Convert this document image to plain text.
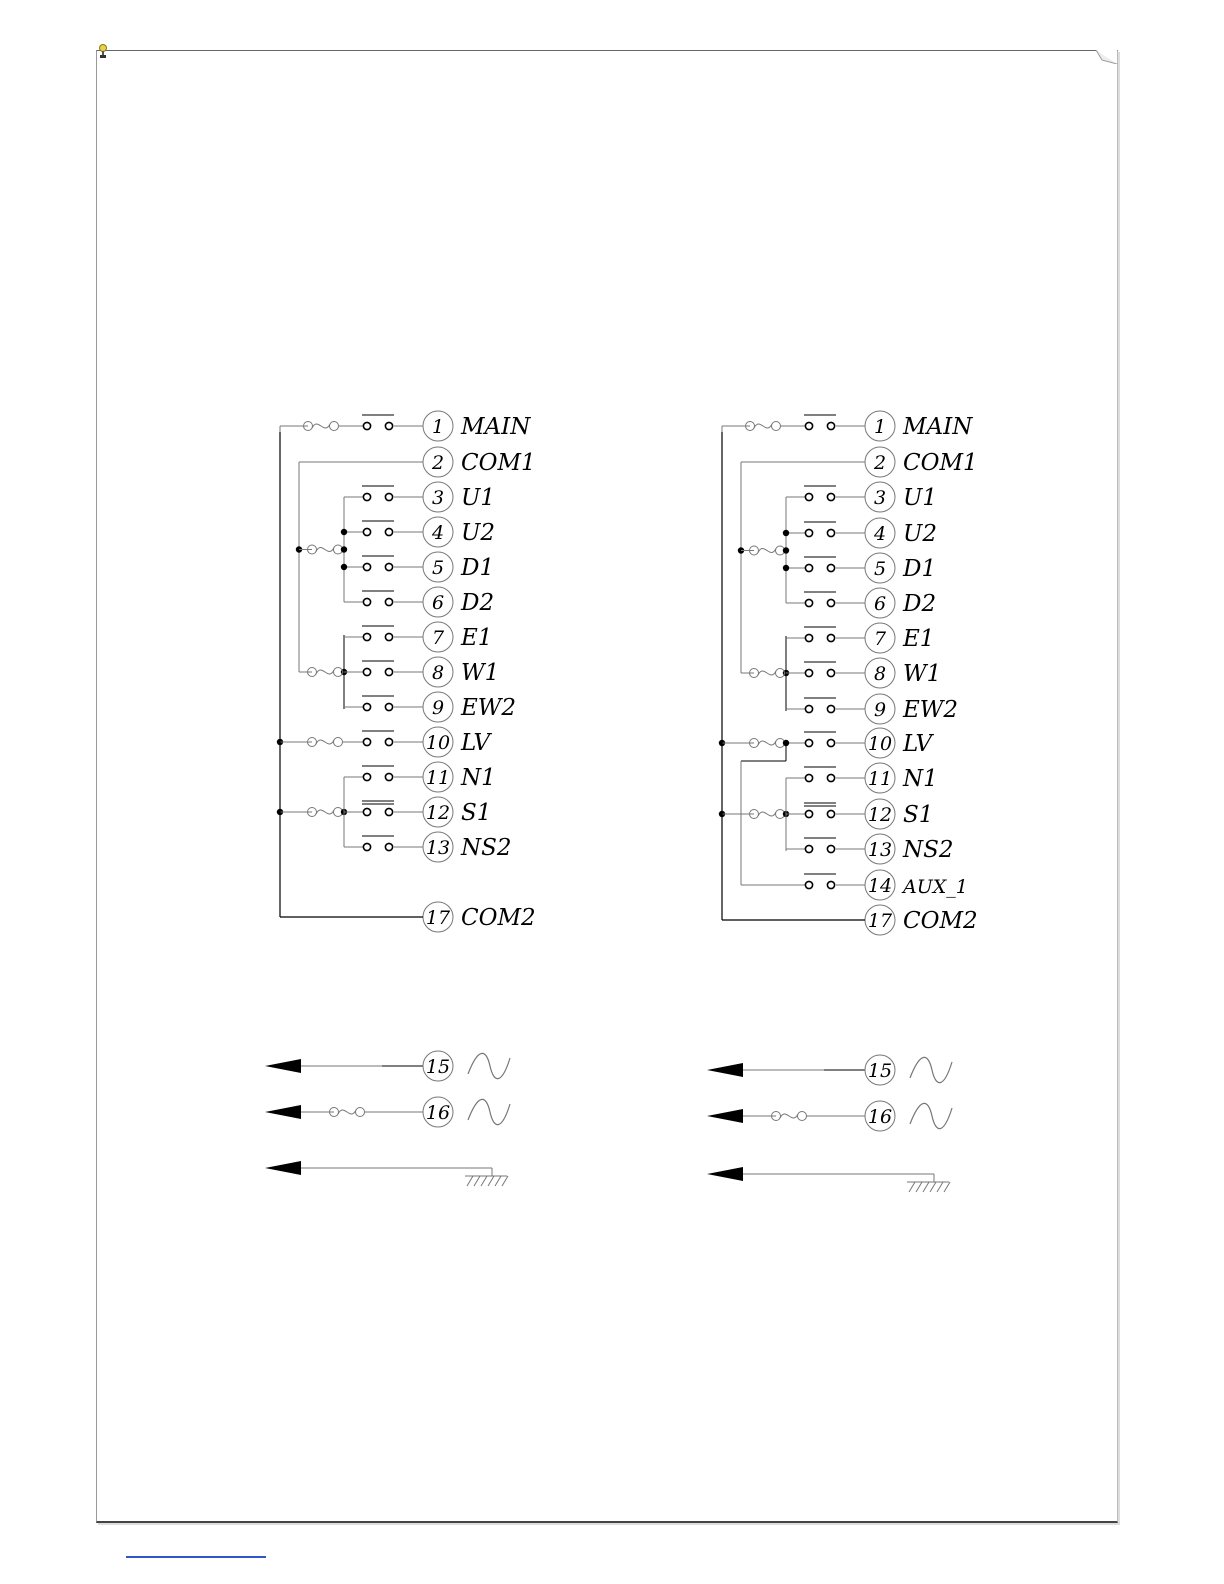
1 MAIN
2 COM1
3 U1
4 U2
5 D1
6 D2
7 E1
8 W1
9 EW2
10 LV
11 N1
12 S1
13 NS2
17 COM2
15
16
1 MAIN
2 COM1
3 U1
4 U2
5 D1
6 D2
7 E1
8 W1
9 EW2
10 LV
11 N1
12 S1
13 NS2
14 AUX_1
17 COM2
15
16
